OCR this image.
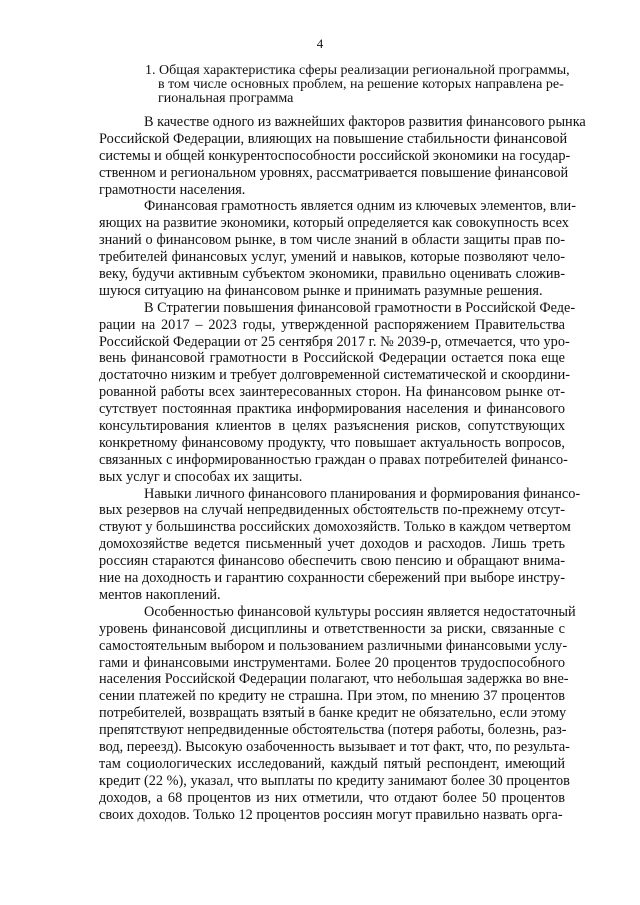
4
1. Общая характеристика сферы реализации региональной программы,
в том числе основных проблем, на решение которых направлена ре-
гиональная программа
В качестве одного из важнейших факторов развития финансового рынка
Российской Федерации, влияющих на повышение стабильности финансовой
системы и общей конкурентоспособности российской экономики на государ-
ственном и региональном уровнях, рассматривается повышение финансовой
грамотности населения.
Финансовая грамотность является одним из ключевых элементов, вли-
яющих на развитие экономики, который определяется как совокупность всех
знаний о финансовом рынке, в том числе знаний в области защиты прав по-
требителей финансовых услуг, умений и навыков, которые позволяют чело-
веку, будучи активным субъектом экономики, правильно оценивать сложив-
шуюся ситуацию на финансовом рынке и принимать разумные решения.
В Стратегии повышения финансовой грамотности в Российской Феде-
рации на 2017 – 2023 годы, утвержденной распоряжением Правительства
Российской Федерации от 25 сентября 2017 г. № 2039-р, отмечается, что уро-
вень финансовой грамотности в Российской Федерации остается пока еще
достаточно низким и требует долговременной систематической и скоордини-
рованной работы всех заинтересованных сторон. На финансовом рынке от-
сутствует постоянная практика информирования населения и финансового
консультирования клиентов в целях разъяснения рисков, сопутствующих
конкретному финансовому продукту, что повышает актуальность вопросов,
связанных с информированностью граждан о правах потребителей финансо-
вых услуг и способах их защиты.
Навыки личного финансового планирования и формирования финансо-
вых резервов на случай непредвиденных обстоятельств по-прежнему отсут-
ствуют у большинства российских домохозяйств. Только в каждом четвертом
домохозяйстве ведется письменный учет доходов и расходов. Лишь треть
россиян стараются финансово обеспечить свою пенсию и обращают внима-
ние на доходность и гарантию сохранности сбережений при выборе инстру-
ментов накоплений.
Особенностью финансовой культуры россиян является недостаточный
уровень финансовой дисциплины и ответственности за риски, связанные с
самостоятельным выбором и пользованием различными финансовыми услу-
гами и финансовыми инструментами. Более 20 процентов трудоспособного
населения Российской Федерации полагают, что небольшая задержка во вне-
сении платежей по кредиту не страшна. При этом, по мнению 37 процентов
потребителей, возвращать взятый в банке кредит не обязательно, если этому
препятствуют непредвиденные обстоятельства (потеря работы, болезнь, раз-
вод, переезд). Высокую озабоченность вызывает и тот факт, что, по результа-
там социологических исследований, каждый пятый респондент, имеющий
кредит (22 %), указал, что выплаты по кредиту занимают более 30 процентов
доходов, а 68 процентов из них отметили, что отдают более 50 процентов
своих доходов. Только 12 процентов россиян могут правильно назвать орга-
